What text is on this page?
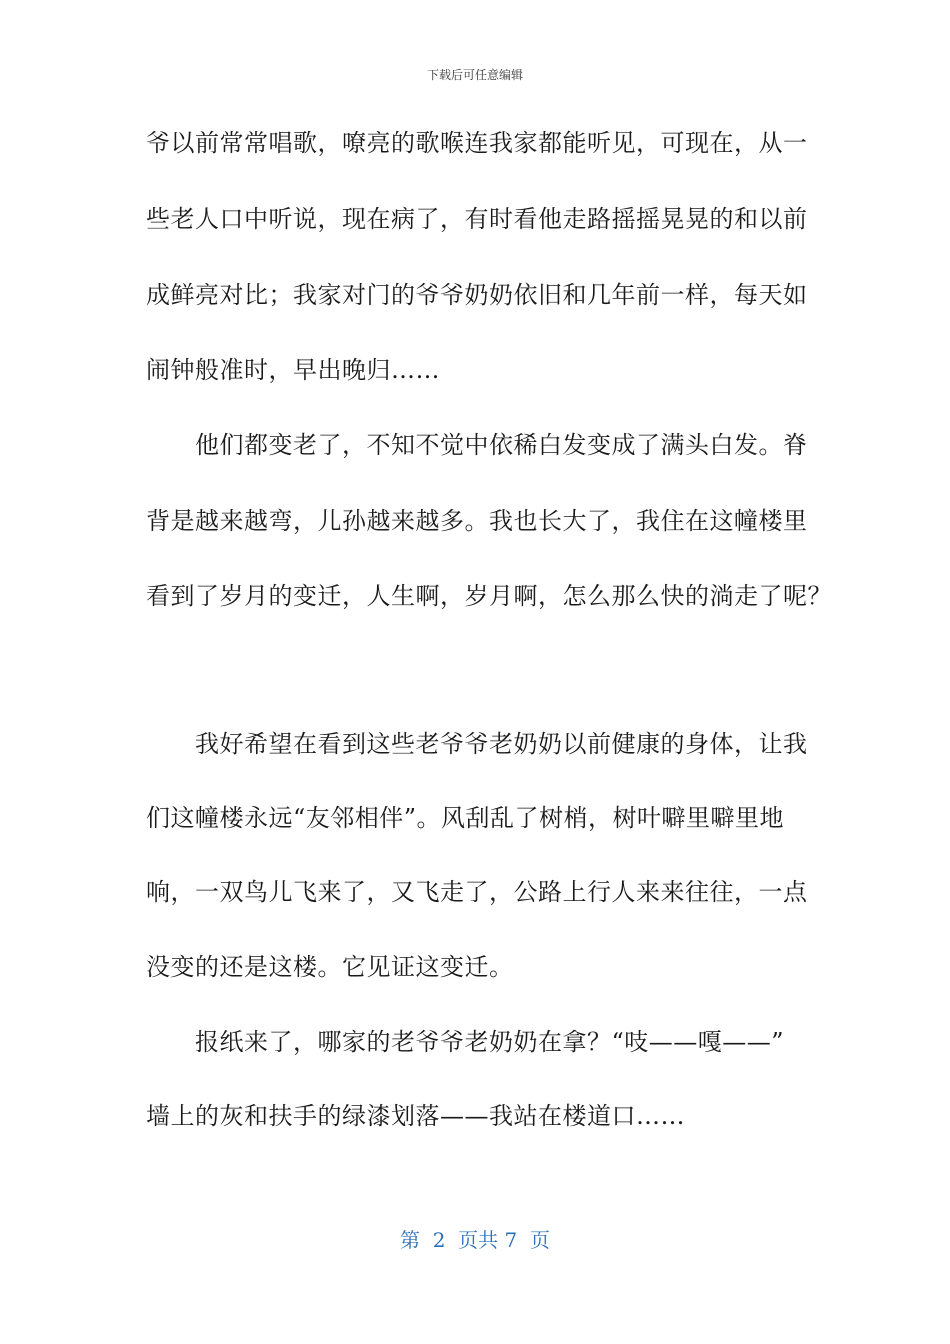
下载后可任意编辑
爷以前常常唱歌，嘹亮的歌喉连我家都能听见，可现在，从一
些老人口中听说，现在病了，有时看他走路摇摇晃晃的和以前
成鲜亮对比；我家对门的爷爷奶奶依旧和几年前一样，每天如
闹钟般准时，早出晚归……
　　他们都变老了，不知不觉中依稀白发变成了满头白发。脊
背是越来越弯，儿孙越来越多。我也长大了，我住在这幢楼里
看到了岁月的变迁，人生啊，岁月啊，怎么那么快的淌走了呢？
　　我好希望在看到这些老爷爷老奶奶以前健康的身体，让我
们这幢楼永远“友邻相伴”。风刮乱了树梢，树叶噼里噼里地
响，一双鸟儿飞来了，又飞走了，公路上行人来来往往，一点
没变的还是这楼。它见证这变迁。
　　报纸来了，哪家的老爷爷老奶奶在拿？“吱——嘎——”
墙上的灰和扶手的绿漆划落——我站在楼道口……
第  2  页共 7  页
